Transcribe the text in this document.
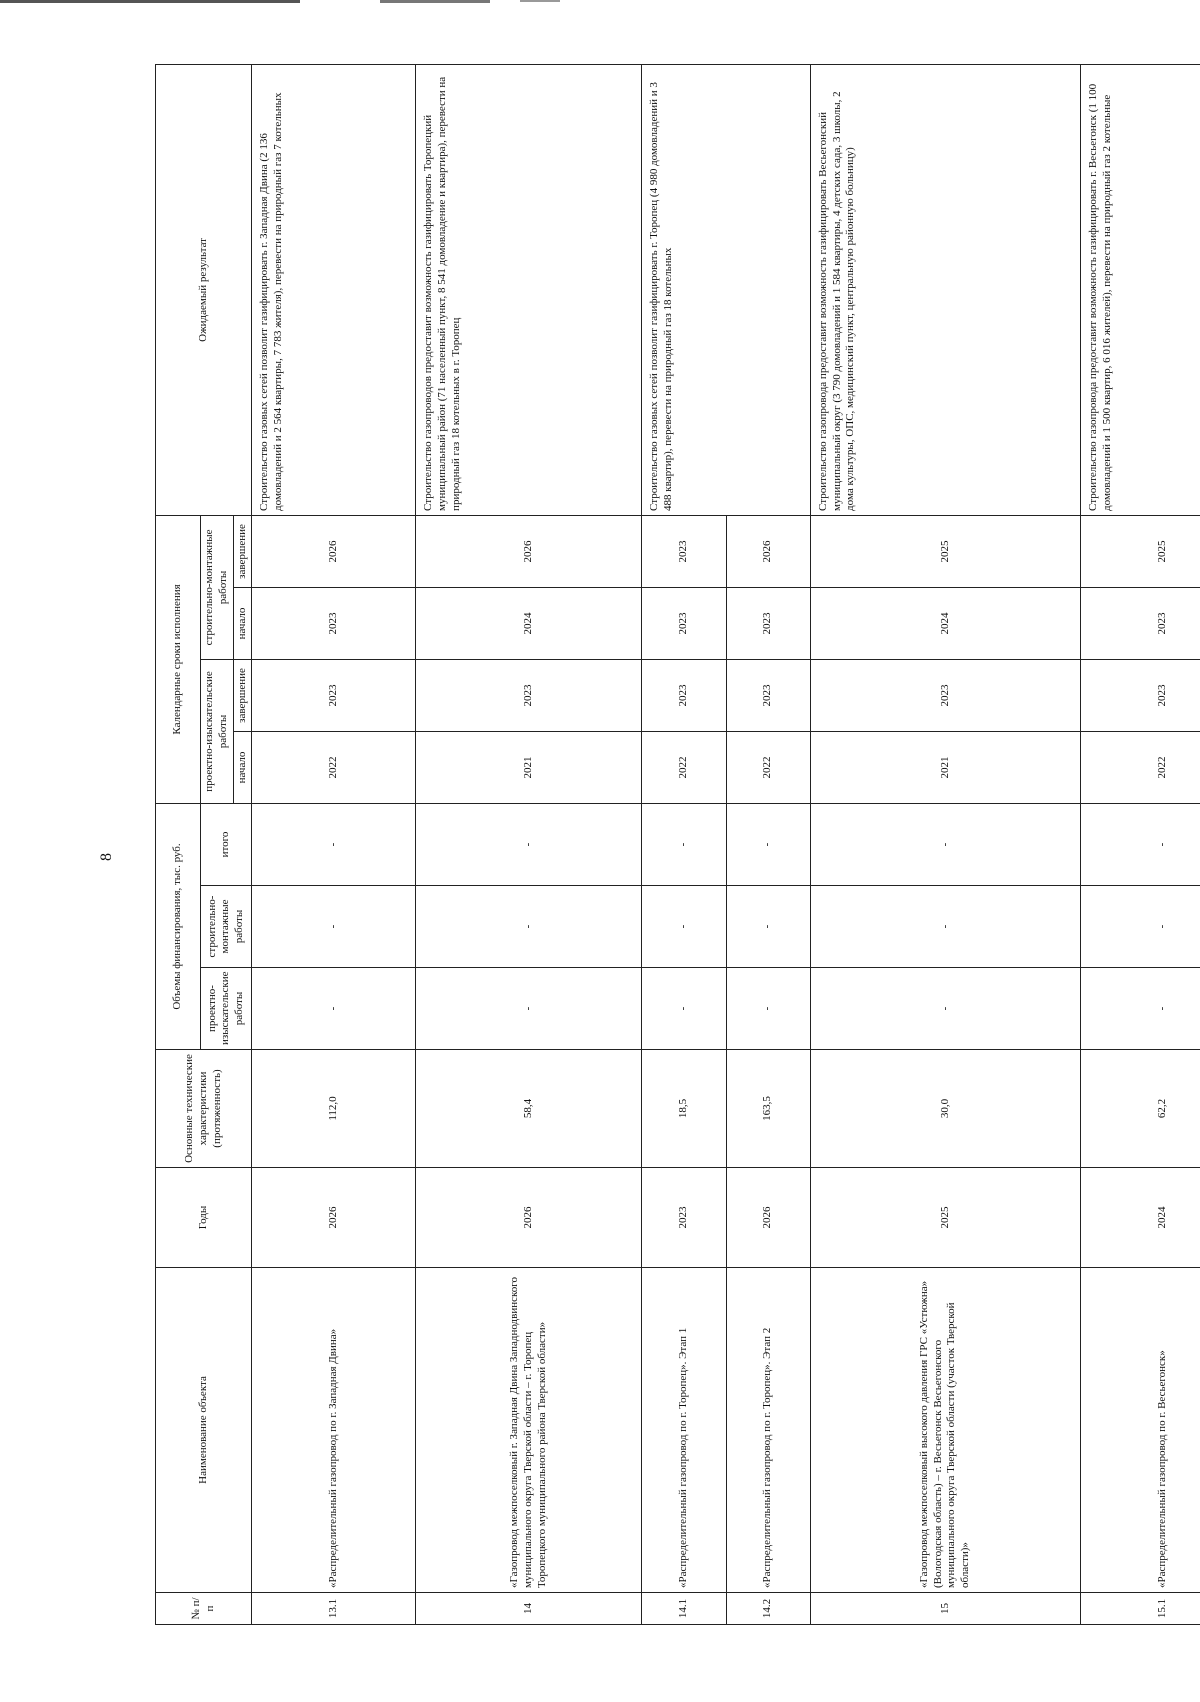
8
№ п/п	Наименование объекта	Годы	Основные технические характеристики (протяженность)	Объемы финансирования, тыс. руб.			Календарные сроки исполнения				Ожидаемый результат
				проектно-изыскательские работы	строительно-монтажные работы	итого	проектно-изыскательские работы		строительно-монтажные работы		
							начало	завершение	начало	завершение	
13.1	«Распределительный газопровод по г. Западная Двина»	2026	112,0	-	-	-	2022	2023	2023	2026	Строительство газовых сетей позволит газифицировать г. Западная Двина (2 136 домовладений и 2 564 квартиры, 7 783 жителя), перевести на природный газ 7 котельных
14	«Газопровод межпоселковый г. Западная Двина Западнодвинского муниципального округа Тверской области – г. Торопец Торопецкого муниципального района Тверской области»	2026	58,4	-	-	-	2021	2023	2024	2026	Строительство газопроводов предоставит возможность газифицировать Торопецкий муниципальный район (71 населенный пункт, 8 541 домовладение и квартира), перевести на природный газ 18 котельных в г. Торопец
14.1	«Распределительный газопровод по г. Торопец». Этап 1	2023	18,5	-	-	-	2022	2023	2023	2023	Строительство газовых сетей позволит газифицировать г. Торопец (4 980 домовладений и 3 488 квартир), перевести на природный газ 18 котельных
14.2	«Распределительный газопровод по г. Торопец». Этап 2	2026	163,5	-	-	-	2022	2023	2023	2026	
15	«Газопровод межпоселковый высокого давления ГРС «Устюжна» (Вологодская область) – г. Весьегонск Весьегонского муниципального округа Тверской области (участок Тверской области)»	2025	30,0	-	-	-	2021	2023	2024	2025	Строительство газопровода предоставит возможность газифицировать Весьегонский муниципальный округ (3 790 домовладений и 1 584 квартиры, 4 детских сада, 3 школы, 2 дома культуры, ОПС, медицинский пункт, центральную районную больницу)
15.1	«Распределительный газопровод по г. Весьегонск»	2024	62,2	-	-	-	2022	2023	2023	2025	Строительство газопровода предоставит возможность газифицировать г. Весьегонск (1 100 домовладений и 1 500 квартир, 6 016 жителей), перевести на природный газ 2 котельные
